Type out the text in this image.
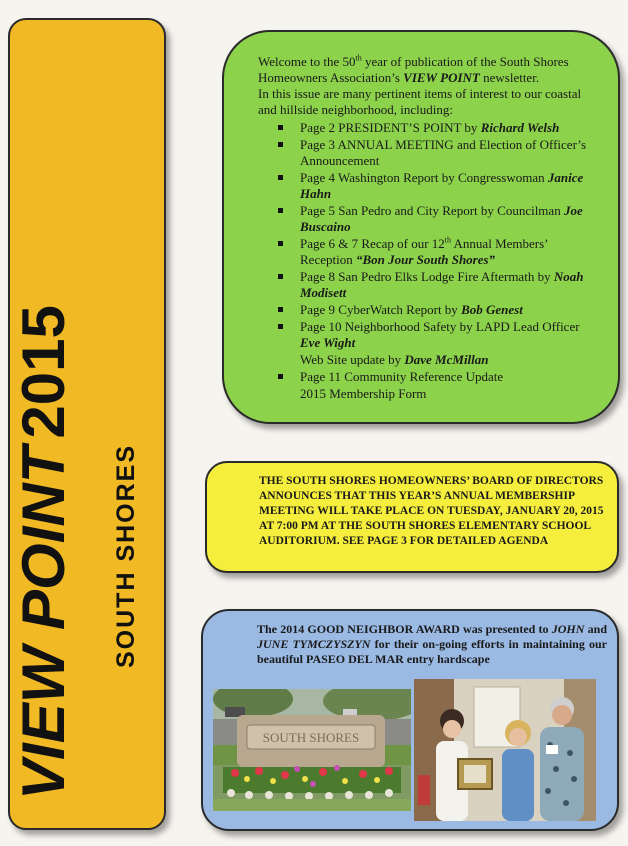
VIEW POINT2015
SOUTH SHORES

Welcome to the 50th year of publication of the South Shores Homeowners Association’s VIEW POINT newsletter.

In this issue are many pertinent items of interest to our coastal and hillside neighborhood, including:

Page 2 PRESIDENT’S POINT by Richard Welsh
Page 3 ANNUAL MEETING and Election of Officer’s Announcement
Page 4 Washington Report by Congresswoman Janice Hahn
Page 5 San Pedro and City Report by Councilman Joe Buscaino
Page 6 & 7 Recap of our 12th Annual Members’ Reception “Bon Jour South Shores”
Page 8 San Pedro Elks Lodge Fire Aftermath by Noah Modisett
Page 9 CyberWatch Report by Bob Genest
Page 10 Neighborhood Safety by LAPD Lead Officer Eve Wight
Web Site update by Dave McMillan
Page 11 Community Reference Update
2015 Membership Form
THE SOUTH SHORES HOMEOWNERS’ BOARD OF DIRECTORS ANNOUNCES THAT THIS YEAR’S ANNUAL MEMBERSHIP MEETING WILL TAKE PLACE ON TUESDAY, JANUARY 20, 2015 AT 7:00 PM AT THE SOUTH SHORES ELEMENTARY SCHOOL AUDITORIUM. SEE PAGE 3 FOR DETAILED AGENDA
The 2014 GOOD NEIGHBOR AWARD was presented to JOHN and JUNE TYMCZYSZYN for their on-going efforts in maintaining our beautiful PASEO DEL MAR entry hardscape
SOUTH SHORES
